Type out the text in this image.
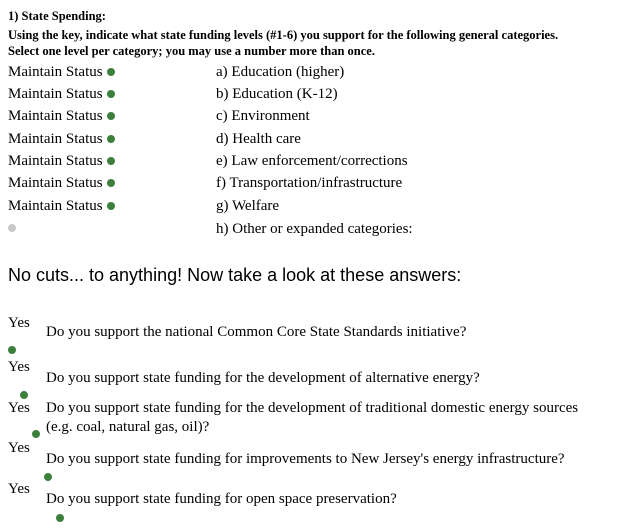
1) State Spending:
Using the key, indicate what state funding levels (#1-6) you support for the following general categories.
Select one level per category; you may use a number more than once.
Maintain Status	a) Education (higher)
Maintain Status	b) Education (K-12)
Maintain Status	c) Environment
Maintain Status	d) Health care
Maintain Status	e) Law enforcement/corrections
Maintain Status	f) Transportation/infrastructure
Maintain Status	g) Welfare
h) Other or expanded categories:
No cuts... to anything! Now take a look at these answers:
Yes

Do you support the national Common Core State Standards initiative?
Yes

Do you support state funding for the development of alternative energy?
Yes
Do you support state funding for the development of traditional domestic energy sources
(e.g. coal, natural gas, oil)?
Yes

Do you support state funding for improvements to New Jersey's energy infrastructure?
Yes
Do you support state funding for open space preservation?
